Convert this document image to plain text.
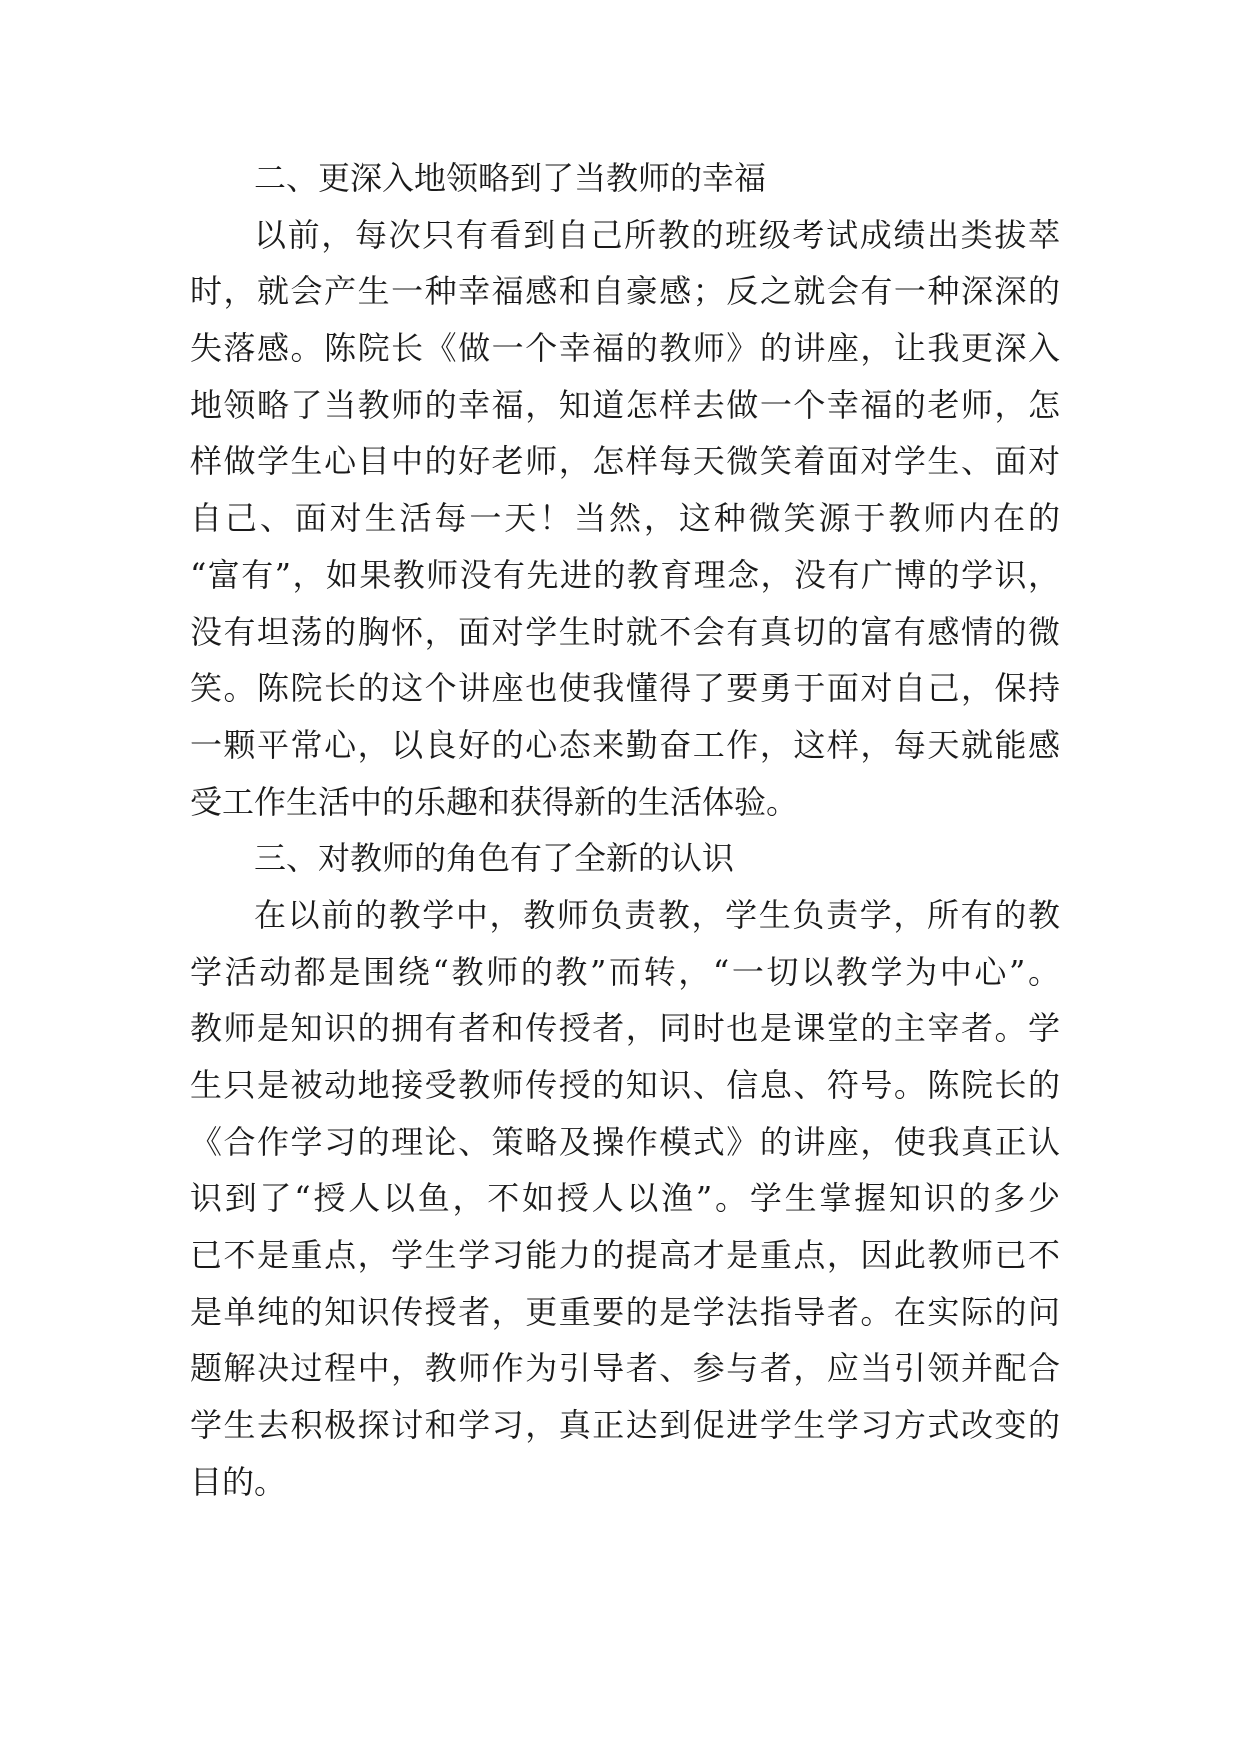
二、更深入地领略到了当教师的幸福
以前，每次只有看到自己所教的班级考试成绩出类拔萃
时，就会产生一种幸福感和自豪感；反之就会有一种深深的
失落感。陈院长《做一个幸福的教师》的讲座，让我更深入
地领略了当教师的幸福，知道怎样去做一个幸福的老师，怎
样做学生心目中的好老师，怎样每天微笑着面对学生、面对
自己、面对生活每一天！当然，这种微笑源于教师内在的
“富有”，如果教师没有先进的教育理念，没有广博的学识，
没有坦荡的胸怀，面对学生时就不会有真切的富有感情的微
笑。陈院长的这个讲座也使我懂得了要勇于面对自己，保持
一颗平常心，以良好的心态来勤奋工作，这样，每天就能感
受工作生活中的乐趣和获得新的生活体验。
三、对教师的角色有了全新的认识
在以前的教学中，教师负责教，学生负责学，所有的教
学活动都是围绕“教师的教”而转，“一切以教学为中心”。
教师是知识的拥有者和传授者，同时也是课堂的主宰者。学
生只是被动地接受教师传授的知识、信息、符号。陈院长的
《合作学习的理论、策略及操作模式》的讲座，使我真正认
识到了“授人以鱼，不如授人以渔”。学生掌握知识的多少
已不是重点，学生学习能力的提高才是重点，因此教师已不
是单纯的知识传授者，更重要的是学法指导者。在实际的问
题解决过程中，教师作为引导者、参与者，应当引领并配合
学生去积极探讨和学习，真正达到促进学生学习方式改变的
目的。
